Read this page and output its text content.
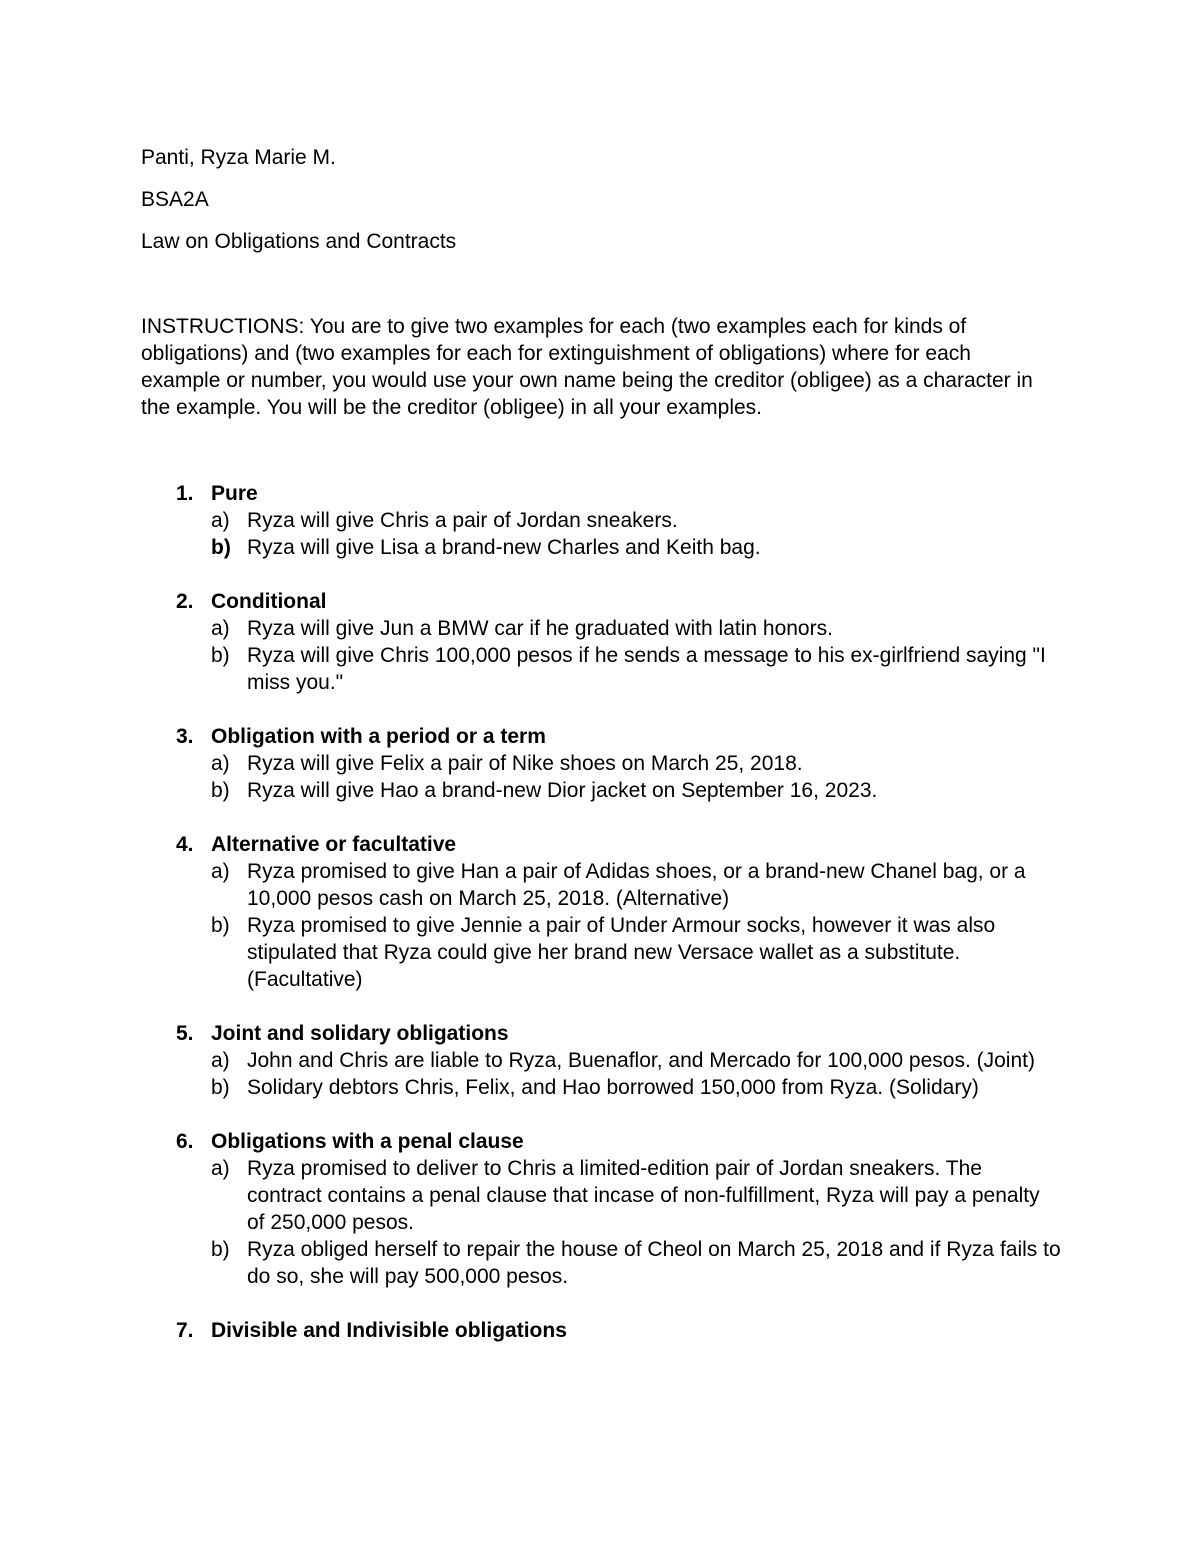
Panti, Ryza Marie M.
BSA2A
Law on Obligations and Contracts
INSTRUCTIONS: You are to give two examples for each (two examples each for kinds of obligations) and (two examples for each for extinguishment of obligations) where for each example or number, you would use your own name being the creditor (obligee) as a character in the example. You will be the creditor (obligee) in all your examples.
1. Pure
a) Ryza will give Chris a pair of Jordan sneakers.
b) Ryza will give Lisa a brand-new Charles and Keith bag.
2. Conditional
a) Ryza will give Jun a BMW car if he graduated with latin honors.
b) Ryza will give Chris 100,000 pesos if he sends a message to his ex-girlfriend saying "I miss you."
3. Obligation with a period or a term
a) Ryza will give Felix a pair of Nike shoes on March 25, 2018.
b) Ryza will give Hao a brand-new Dior jacket on September 16, 2023.
4. Alternative or facultative
a) Ryza promised to give Han a pair of Adidas shoes, or a brand-new Chanel bag, or a 10,000 pesos cash on March 25, 2018. (Alternative)
b) Ryza promised to give Jennie a pair of Under Armour socks, however it was also stipulated that Ryza could give her brand new Versace wallet as a substitute. (Facultative)
5. Joint and solidary obligations
a) John and Chris are liable to Ryza, Buenaflor, and Mercado for 100,000 pesos. (Joint)
b) Solidary debtors Chris, Felix, and Hao borrowed 150,000 from Ryza. (Solidary)
6. Obligations with a penal clause
a) Ryza promised to deliver to Chris a limited-edition pair of Jordan sneakers. The contract contains a penal clause that incase of non-fulfillment, Ryza will pay a penalty of 250,000 pesos.
b) Ryza obliged herself to repair the house of Cheol on March 25, 2018 and if Ryza fails to do so, she will pay 500,000 pesos.
7. Divisible and Indivisible obligations
